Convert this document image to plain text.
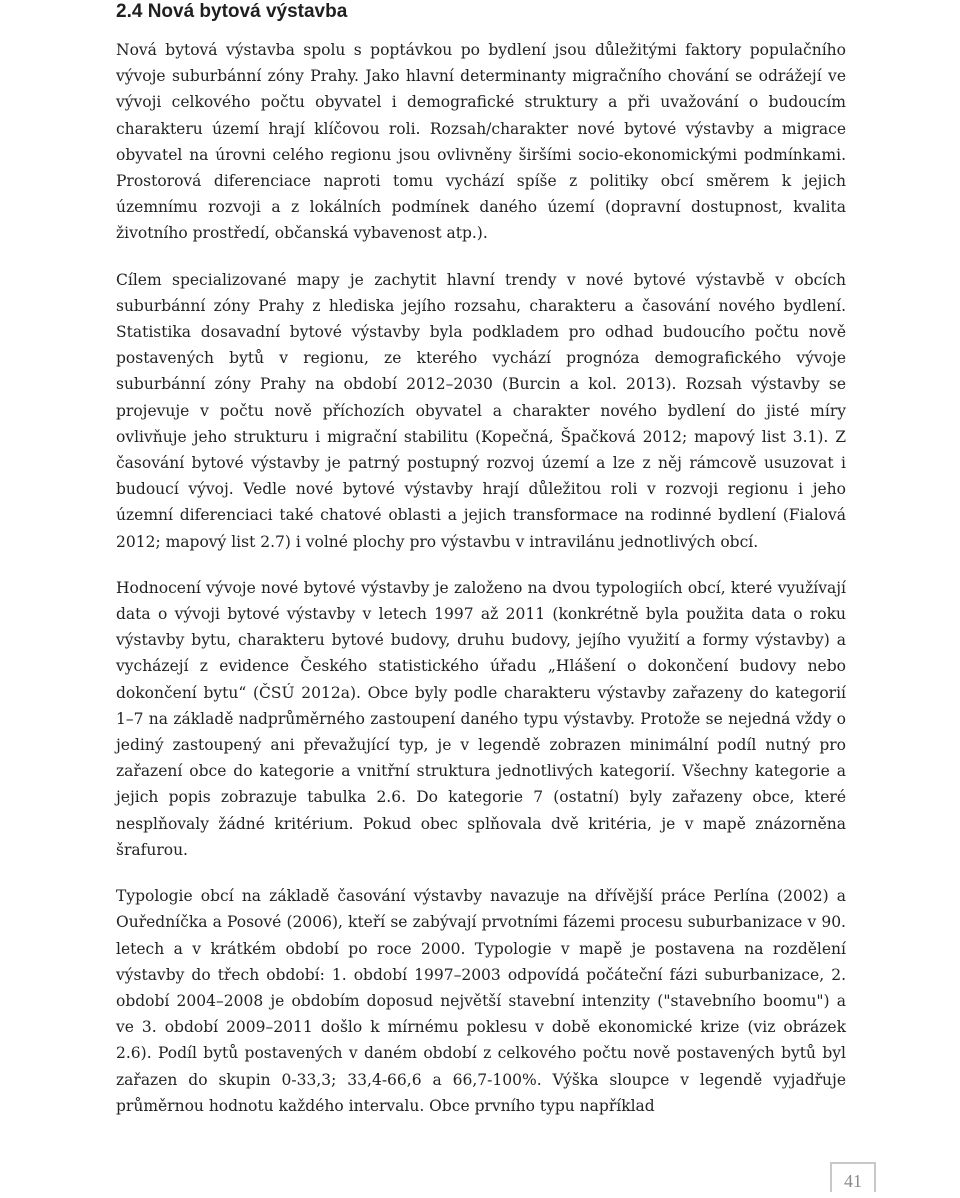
2.4 Nová bytová výstavba

Nová bytová výstavba spolu s poptávkou po bydlení jsou důležitými faktory populačního vývoje suburbánní zóny Prahy. Jako hlavní determinanty migračního chování se odrážejí ve vývoji celkového počtu obyvatel i demografické struktury a při uvažování o budoucím charakteru území hrají klíčovou roli. Rozsah/charakter nové bytové výstavby a migrace obyvatel na úrovni celého regionu jsou ovlivněny širšími socio-ekonomickými podmínkami. Prostorová diferenciace naproti tomu vychází spíše z politiky obcí směrem k jejich územnímu rozvoji a z lokálních podmínek daného území (dopravní dostupnost, kvalita životního prostředí, občanská vybavenost atp.).

Cílem specializované mapy je zachytit hlavní trendy v nové bytové výstavbě v obcích suburbánní zóny Prahy z hlediska jejího rozsahu, charakteru a časování nového bydlení. Statistika dosavadní bytové výstavby byla podkladem pro odhad budoucího počtu nově postavených bytů v regionu, ze kterého vychází prognóza demografického vývoje suburbánní zóny Prahy na období 2012–2030 (Burcin a kol. 2013). Rozsah výstavby se projevuje v počtu nově příchozích obyvatel a charakter nového bydlení do jisté míry ovlivňuje jeho strukturu i migrační stabilitu (Kopečná, Špačková 2012; mapový list 3.1). Z časování bytové výstavby je patrný postupný rozvoj území a lze z něj rámcově usuzovat i budoucí vývoj. Vedle nové bytové výstavby hrají důležitou roli v rozvoji regionu i jeho územní diferenciaci také chatové oblasti a jejich transformace na rodinné bydlení (Fialová 2012; mapový list 2.7) i volné plochy pro výstavbu v intravilánu jednotlivých obcí.

Hodnocení vývoje nové bytové výstavby je založeno na dvou typologiích obcí, které využívají data o vývoji bytové výstavby v letech 1997 až 2011 (konkrétně byla použita data o roku výstavby bytu, charakteru bytové budovy, druhu budovy, jejího využití a formy výstavby) a vycházejí z evidence Českého statistického úřadu „Hlášení o dokončení budovy nebo dokončení bytu“ (ČSÚ 2012a). Obce byly podle charakteru výstavby zařazeny do kategorií 1–7 na základě nadprůměrného zastoupení daného typu výstavby. Protože se nejedná vždy o jediný zastoupený ani převažující typ, je v legendě zobrazen minimální podíl nutný pro zařazení obce do kategorie a vnitřní struktura jednotlivých kategorií. Všechny kategorie a jejich popis zobrazuje tabulka 2.6. Do kategorie 7 (ostatní) byly zařazeny obce, které nesplňovaly žádné kritérium. Pokud obec splňovala dvě kritéria, je v mapě znázorněna šrafurou.

Typologie obcí na základě časování výstavby navazuje na dřívější práce Perlína (2002) a Ouředníčka a Posové (2006), kteří se zabývají prvotními fázemi procesu suburbanizace v 90. letech a v krátkém období po roce 2000. Typologie v mapě je postavena na rozdělení výstavby do třech období: 1. období 1997–2003 odpovídá počáteční fázi suburbanizace, 2. období 2004–2008 je obdobím doposud největší stavební intenzity ("stavebního boomu") a ve 3. období 2009–2011 došlo k mírnému poklesu v době ekonomické krize (viz obrázek 2.6). Podíl bytů postavených v daném období z celkového počtu nově postavených bytů byl zařazen do skupin 0-33,3; 33,4-66,6 a 66,7-100%. Výška sloupce v legendě vyjadřuje průměrnou hodnotu každého intervalu. Obce prvního typu například

41
